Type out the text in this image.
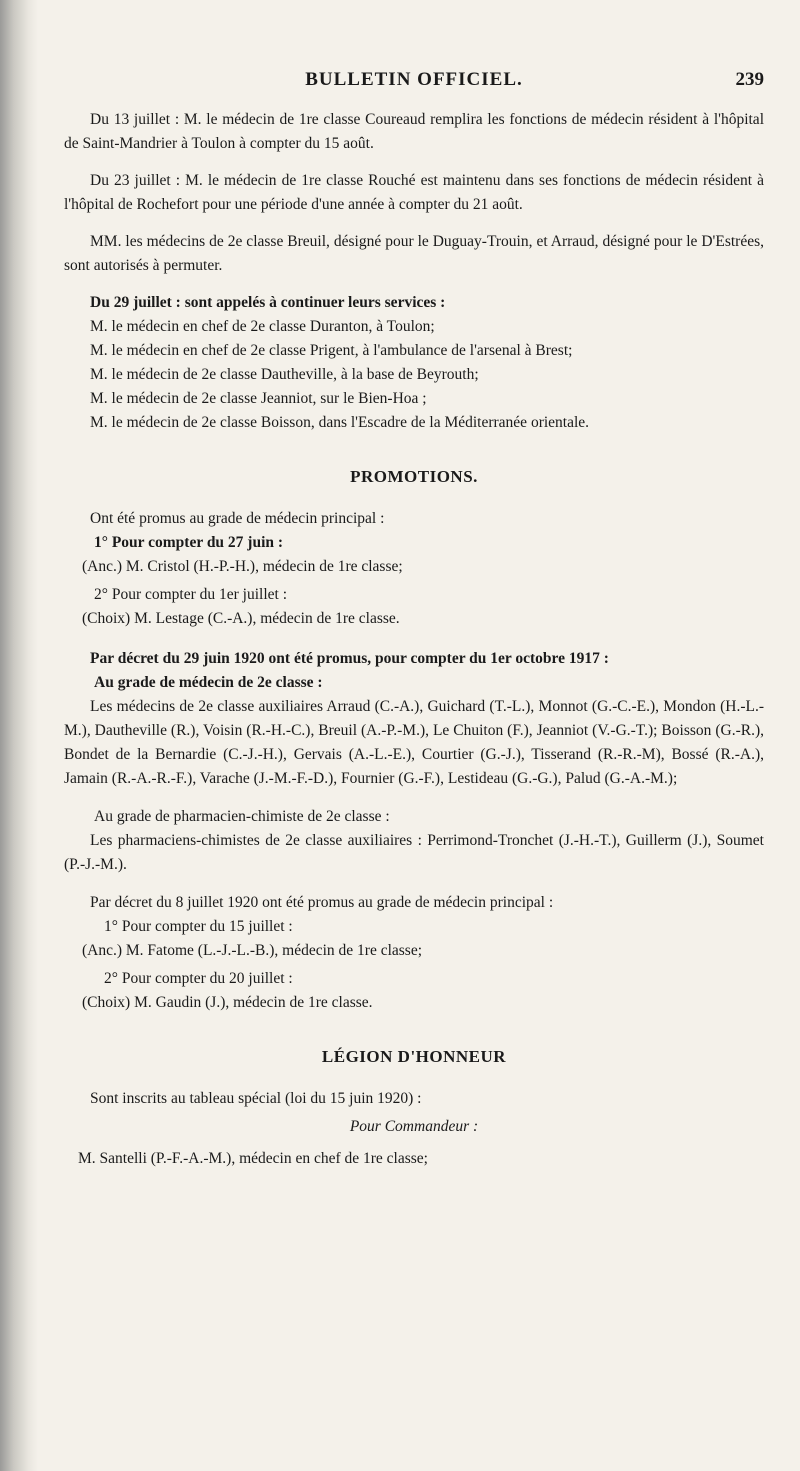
BULLETIN OFFICIEL.	239

Du 13 juillet : M. le médecin de 1re classe Coureaud remplira les fonctions de médecin résident à l'hôpital de Saint-Mandrier à Toulon à compter du 15 août.

Du 23 juillet : M. le médecin de 1re classe Rouché est maintenu dans ses fonctions de médecin résident à l'hôpital de Rochefort pour une période d'une année à compter du 21 août.

MM. les médecins de 2e classe Breuil, désigné pour le Duguay-Trouin, et Arraud, désigné pour le D'Estrées, sont autorisés à permuter.

Du 29 juillet : sont appelés à continuer leurs services :
M. le médecin en chef de 2e classe Duranton, à Toulon;
M. le médecin en chef de 2e classe Prigent, à l'ambulance de l'arsenal à Brest;
M. le médecin de 2e classe Dautheville, à la base de Beyrouth;
M. le médecin de 2e classe Jeanniot, sur le Bien-Hoa ;
M. le médecin de 2e classe Boisson, dans l'Escadre de la Méditerranée orientale.
PROMOTIONS.
Ont été promus au grade de médecin principal :
1° Pour compter du 27 juin :
(Anc.) M. Cristol (H.-P.-H.), médecin de 1re classe;
2° Pour compter du 1er juillet :
(Choix) M. Lestage (C.-A.), médecin de 1re classe.

Par décret du 29 juin 1920 ont été promus, pour compter du 1er octobre 1917 :

Au grade de médecin de 2e classe :

Les médecins de 2e classe auxiliaires Arraud (C.-A.), Guichard (T.-L.), Monnot (G.-C.-E.), Mondon (H.-L.-M.), Dautheville (R.), Voisin (R.-H.-C.), Breuil (A.-P.-M.), Le Chuiton (F.), Jeanniot (V.-G.-T.); Boisson (G.-R.), Bondet de la Bernardie (C.-J.-H.), Gervais (A.-L.-E.), Courtier (G.-J.), Tisserand (R.-R.-M), Bossé (R.-A.), Jamain (R.-A.-R.-F.), Varache (J.-M.-F.-D.), Fournier (G.-F.), Lestideau (G.-G.), Palud (G.-A.-M.);

Au grade de pharmacien-chimiste de 2e classe :

Les pharmaciens-chimistes de 2e classe auxiliaires : Perrimond-Tronchet (J.-H.-T.), Guillerm (J.), Soumet (P.-J.-M.).

Par décret du 8 juillet 1920 ont été promus au grade de médecin principal :

1° Pour compter du 15 juillet :
(Anc.) M. Fatome (L.-J.-L.-B.), médecin de 1re classe;
2° Pour compter du 20 juillet :
(Choix) M. Gaudin (J.), médecin de 1re classe.
LÉGION D'HONNEUR

Sont inscrits au tableau spécial (loi du 15 juin 1920) :

Pour Commandeur :
M. Santelli (P.-F.-A.-M.), médecin en chef de 1re classe;
